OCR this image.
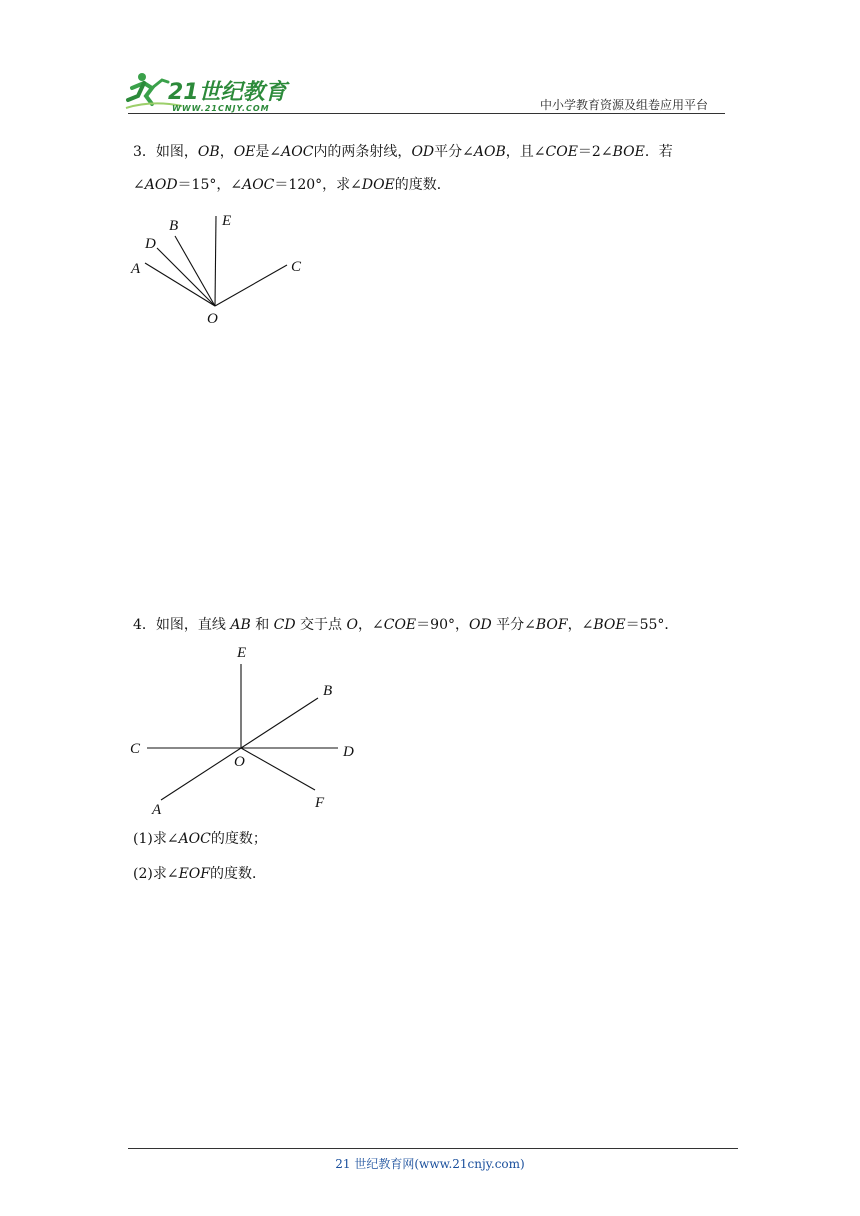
21世纪教育
WWW.21CNJY.COM	中小学教育资源及组卷应用平台
3．如图，OB，OE是∠AOC内的两条射线，OD平分∠AOB，且∠COE＝2∠BOE．若
∠AOD＝15°，∠AOC＝120°，求∠DOE的度数．
A
D
B	E
C
O
4．如图，直线 AB 和 CD 交于点 O，∠COE＝90°，OD 平分∠BOF，∠BOE＝55°．
E
B
C	D
O
F
A
(1)求∠AOC的度数；
(2)求∠EOF的度数．
21 世纪教育网(www.21cnjy.com)
